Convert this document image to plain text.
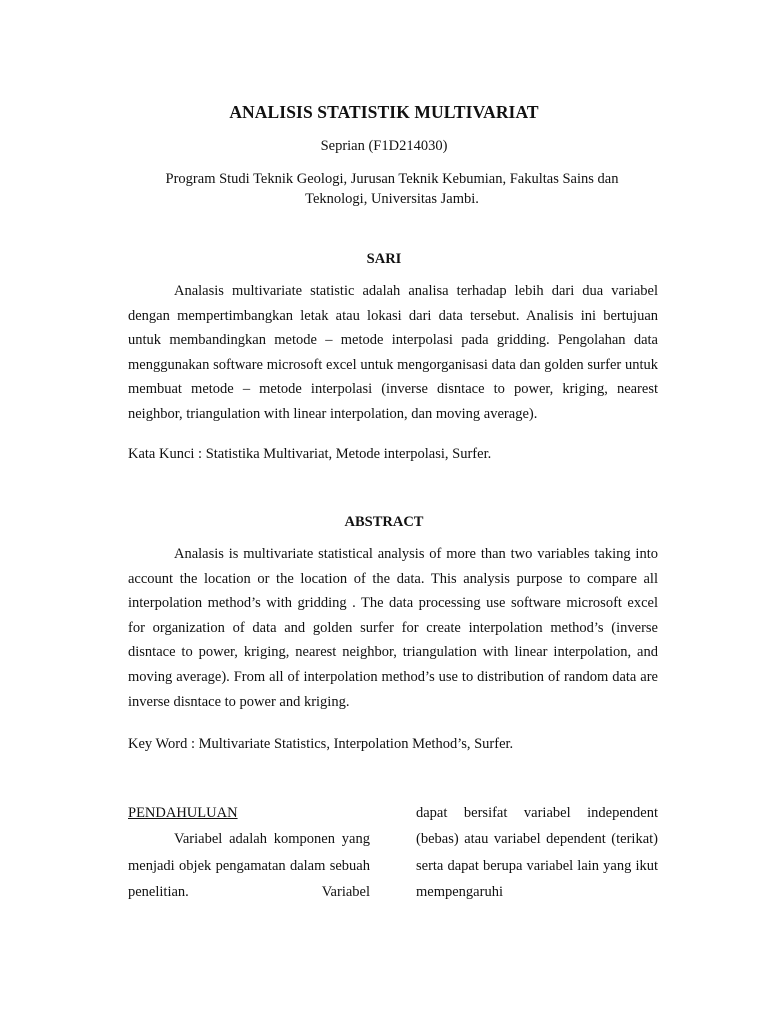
ANALISIS STATISTIK MULTIVARIAT
Seprian (F1D214030)
Program Studi Teknik Geologi, Jurusan Teknik Kebumian, Fakultas Sains dan Teknologi, Universitas Jambi.
SARI

Analasis multivariate statistic adalah analisa terhadap lebih dari dua variabel dengan mempertimbangkan letak atau lokasi dari data tersebut. Analisis ini bertujuan untuk membandingkan metode – metode interpolasi pada gridding. Pengolahan data menggunakan software microsoft excel untuk mengorganisasi data dan golden surfer untuk membuat metode – metode interpolasi (inverse disntace to power, kriging, nearest neighbor, triangulation with linear interpolation, dan moving average).

Kata Kunci : Statistika Multivariat, Metode interpolasi, Surfer.

ABSTRACT

Analasis is multivariate statistical analysis of more than two variables taking into account the location or the location of the data. This analysis purpose to compare all interpolation method’s with gridding . The data processing use software microsoft excel for organization of data and golden surfer for create interpolation method’s (inverse disntace to power, kriging, nearest neighbor, triangulation with linear interpolation, and moving average). From all of interpolation method’s use to distribution of random data are inverse disntace to power and kriging.

Key Word : Multivariate Statistics, Interpolation Method’s, Surfer.

PENDAHULUAN

Variabel adalah komponen yang menjadi objek pengamatan dalam sebuah penelitian. Variabel

dapat bersifat variabel independent (bebas) atau variabel dependent (terikat) serta dapat berupa variabel lain yang ikut mempengaruhi
